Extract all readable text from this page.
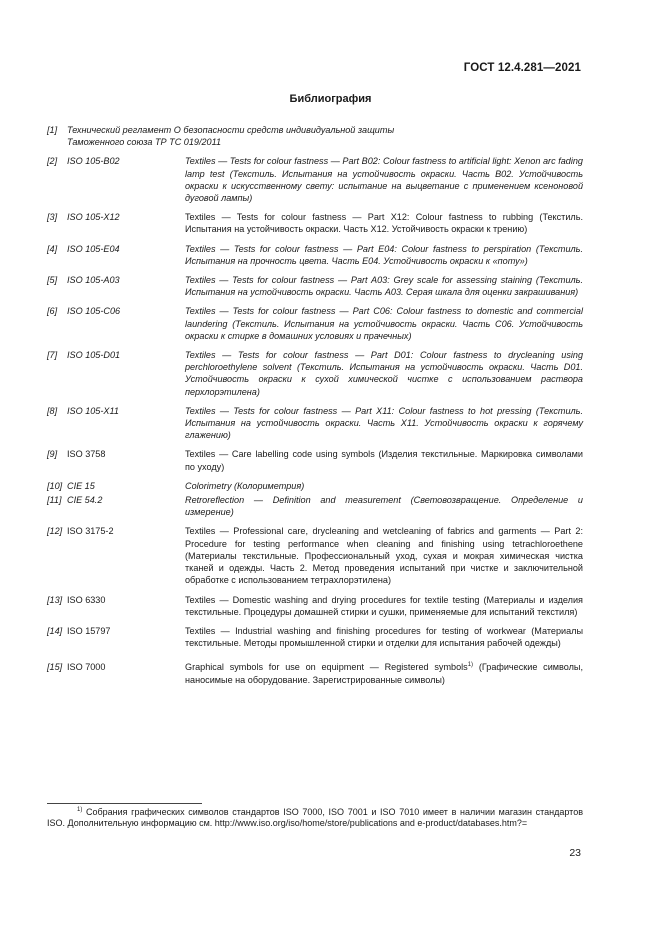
ГОСТ 12.4.281—2021
Библиография
[1] Технический регламент О безопасности средств индивидуальной защиты Таможенного союза ТР ТС 019/2011
[2] ISO 105-B02	Textiles — Tests for colour fastness — Part B02: Colour fastness to artificial light: Xenon arc fading lamp test (Текстиль. Испытания на устойчивость окраски. Часть B02. Устойчивость окраски к искусственному свету: испытание на выцветание с применением ксеноновой дуговой лампы)
[3] ISO 105-X12	Textiles — Tests for colour fastness — Part X12: Colour fastness to rubbing (Текстиль. Испытания на устойчивость окраски. Часть X12. Устойчивость окраски к трению)
[4] ISO 105-E04	Textiles — Tests for colour fastness — Part E04: Colour fastness to perspiration (Текстиль. Испытания на прочность цвета. Часть E04. Устойчивость окраски к «поту»)
[5] ISO 105-A03	Textiles — Tests for colour fastness — Part A03: Grey scale for assessing staining (Текстиль. Испытания на устойчивость окраски. Часть A03. Серая шкала для оценки закрашивания)
[6] ISO 105-C06	Textiles — Tests for colour fastness — Part C06: Colour fastness to domestic and commercial laundering (Текстиль. Испытания на устойчивость окраски. Часть C06. Устойчивость окраски к стирке в домашних условиях и прачечных)
[7] ISO 105-D01	Textiles — Tests for colour fastness — Part D01: Colour fastness to drycleaning using perchloroethylene solvent (Текстиль. Испытания на устойчивость окраски. Часть D01. Устойчивость окраски к сухой химической чистке с использованием раствора перхлорэтилена)
[8] ISO 105-X11	Textiles — Tests for colour fastness — Part X11: Colour fastness to hot pressing (Текстиль. Испытания на устойчивость окраски. Часть X11. Устойчивость окраски к горячему глажению)
[9] ISO 3758	Textiles — Care labelling code using symbols (Изделия текстильные. Маркировка символами по уходу)
[10] CIE 15	Colorimetry (Колориметрия)
[11] CIE 54.2	Retroreflection — Definition and measurement (Световозвращение. Определение и измерение)
[12] ISO 3175-2	Textiles — Professional care, drycleaning and wetcleaning of fabrics and garments — Part 2: Procedure for testing performance when cleaning and finishing using tetrachloroethene (Материалы текстильные. Профессиональный уход, сухая и мокрая химическая чистка тканей и одежды. Часть 2. Метод проведения испытаний при чистке и заключительной обработке с использованием тетрахлорэтилена)
[13] ISO 6330	Textiles — Domestic washing and drying procedures for textile testing (Материалы и изделия текстильные. Процедуры домашней стирки и сушки, применяемые для испытаний текстиля)
[14] ISO 15797	Textiles — Industrial washing and finishing procedures for testing of workwear (Материалы текстильные. Методы промышленной стирки и отделки для испытания рабочей одежды)
[15] ISO 7000	Graphical symbols for use on equipment — Registered symbols$^{1)}$ (Графические символы, наносимые на оборудование. Зарегистрированные символы)
$^{1)}$ Собрания графических символов стандартов ISO 7000, ISO 7001 и ISO 7010 имеет в наличии магазин стандартов ISO. Дополнительную информацию см. http://www.iso.org/iso/home/store/publications and e-product/databases.htm?=
23
